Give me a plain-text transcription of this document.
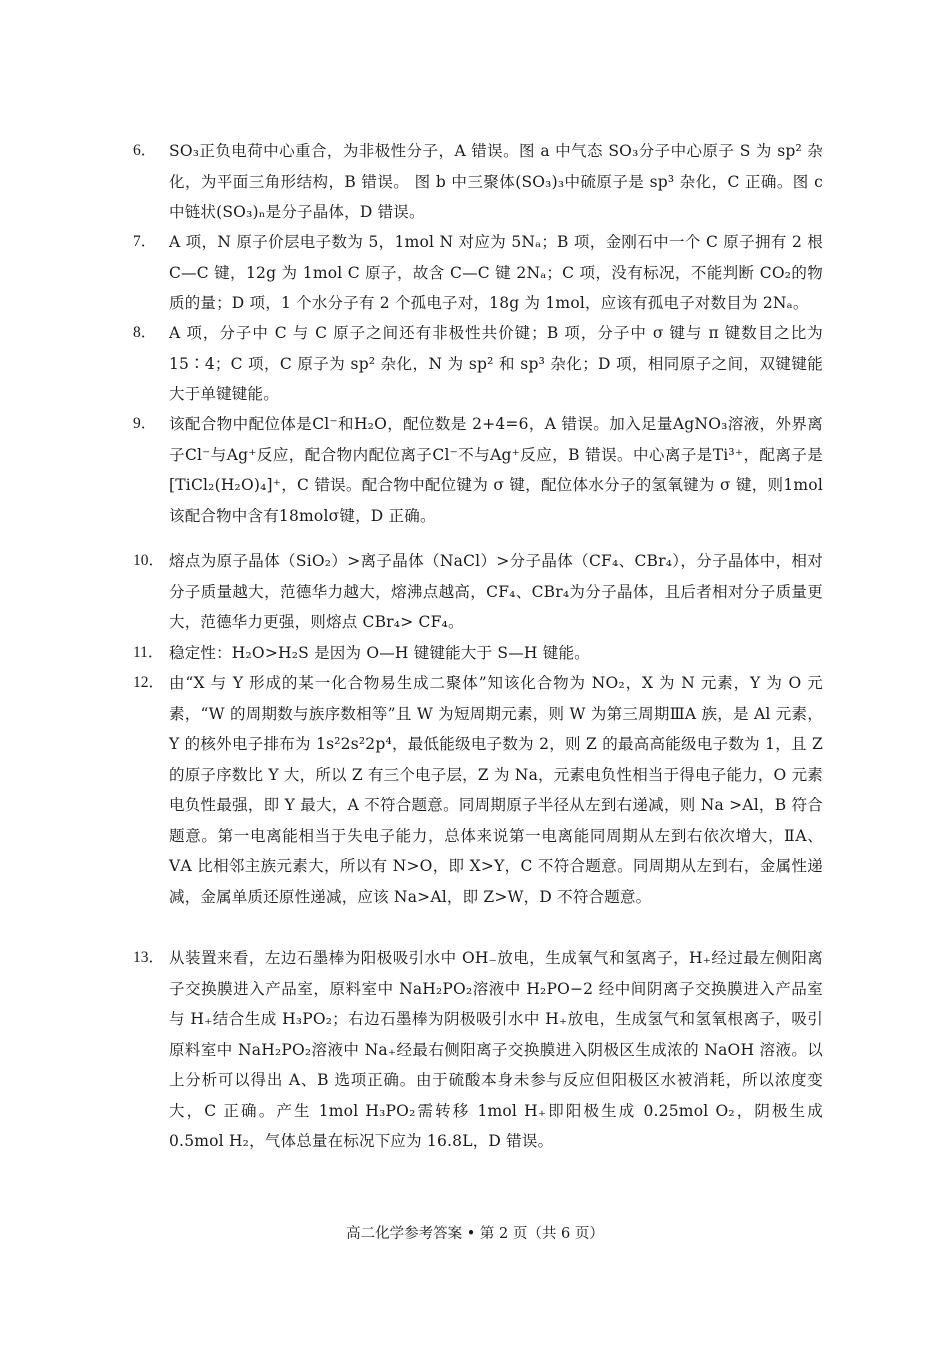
6． SO₃正负电荷中心重合，为非极性分子，A 错误。图 a 中气态 SO₃分子中心原子 S 为 sp² 杂化，为平面三角形结构，B 错误。 图 b 中三聚体(SO₃)₃中硫原子是 sp³ 杂化，C 正确。图 c 中链状(SO₃)ₙ是分子晶体，D 错误。

7． A 项，N 原子价层电子数为 5，1mol N 对应为 5Nₐ；B 项，金刚石中一个 C 原子拥有 2 根 C—C 键，12g 为 1mol C 原子，故含 C—C 键 2Nₐ；C 项，没有标况，不能判断 CO₂的物质的量；D 项，1 个水分子有 2 个孤电子对，18g 为 1mol，应该有孤电子对数目为 2Nₐ。

8． A 项，分子中 C 与 C 原子之间还有非极性共价键；B 项，分子中 σ 键与 π 键数目之比为 15∶4；C 项，C 原子为 sp² 杂化，N 为 sp² 和 sp³ 杂化；D 项，相同原子之间，双键键能大于单键键能。

9． 该配合物中配位体是Cl⁻和H₂O，配位数是 2+4=6，A 错误。加入足量AgNO₃溶液，外界离子Cl⁻与Ag⁺反应，配合物内配位离子Cl⁻不与Ag⁺反应，B 错误。中心离子是Ti³⁺，配离子是[TiCl₂(H₂O)₄]⁺，C 错误。配合物中配位键为 σ 键，配位体水分子的氢氧键为 σ 键，则1mol该配合物中含有18molσ键，D 正确。

10． 熔点为原子晶体（SiO₂）>离子晶体（NaCl）>分子晶体（CF₄、CBr₄），分子晶体中，相对分子质量越大，范德华力越大，熔沸点越高，CF₄、CBr₄为分子晶体，且后者相对分子质量更大，范德华力更强，则熔点 CBr₄> CF₄。

11． 稳定性：H₂O>H₂S 是因为 O—H 键键能大于 S—H 键能。

12． 由“X 与 Y 形成的某一化合物易生成二聚体”知该化合物为 NO₂，X 为 N 元素，Y 为 O 元素，“W 的周期数与族序数相等”且 W 为短周期元素，则 W 为第三周期ⅢA 族，是 Al 元素，Y 的核外电子排布为 1s²2s²2p⁴，最低能级电子数为 2，则 Z 的最高高能级电子数为 1，且 Z 的原子序数比 Y 大，所以 Z 有三个电子层，Z 为 Na，元素电负性相当于得电子能力，O 元素电负性最强，即 Y 最大，A 不符合题意。同周期原子半径从左到右递减，则 Na >Al，B 符合题意。第一电离能相当于失电子能力，总体来说第一电离能同周期从左到右依次增大，ⅡA、ⅤA 比相邻主族元素大，所以有 N>O，即 X>Y，C 不符合题意。同周期从左到右，金属性递减，金属单质还原性递减，应该 Na>Al，即 Z>W，D 不符合题意。

13． 从装置来看，左边石墨棒为阳极吸引水中 OH₋放电，生成氧气和氢离子，H₊经过最左侧阳离子交换膜进入产品室，原料室中 NaH₂PO₂溶液中 H₂PO−2 经中间阴离子交换膜进入产品室与 H₊结合生成 H₃PO₂；右边石墨棒为阴极吸引水中 H₊放电，生成氢气和氢氧根离子，吸引原料室中 NaH₂PO₂溶液中 Na₊经最右侧阳离子交换膜进入阴极区生成浓的 NaOH 溶液。以上分析可以得出 A、B 选项正确。由于硫酸本身未参与反应但阳极区水被消耗，所以浓度变大，C 正确。产生 1mol H₃PO₂需转移 1mol H₊即阳极生成 0.25mol O₂，阴极生成 0.5mol H₂，气体总量在标况下应为 16.8L，D 错误。

高二化学参考答案 • 第 2 页（共 6 页）
